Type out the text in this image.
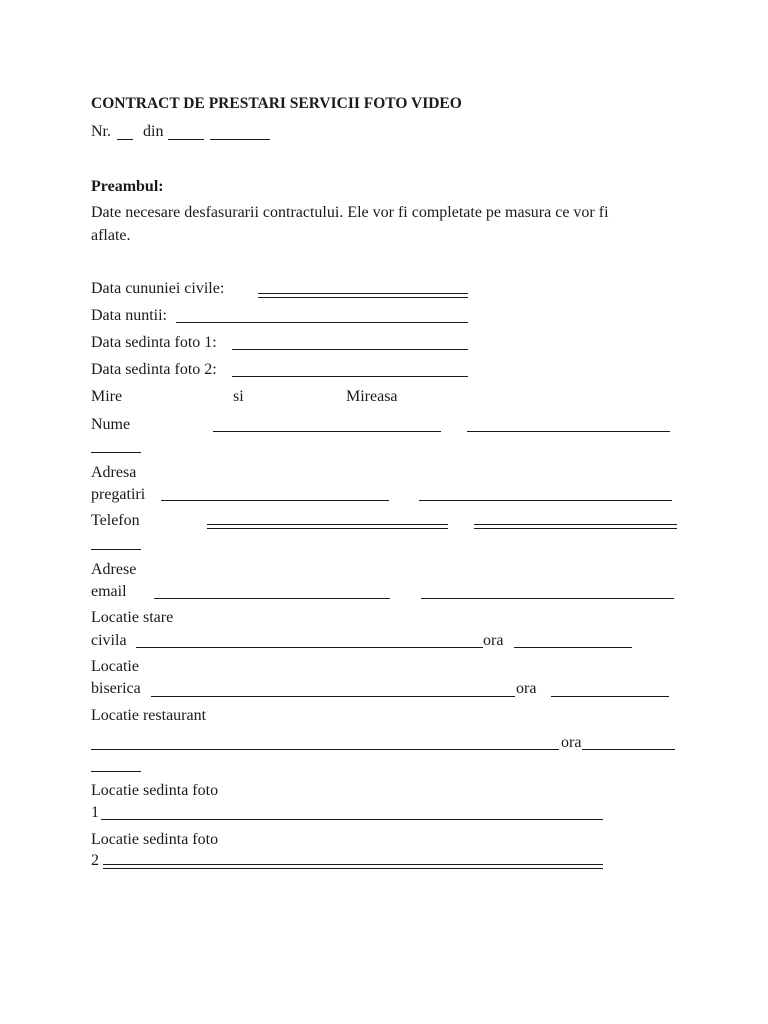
CONTRACT DE PRESTARI SERVICII FOTO VIDEO
Nr. din
Preambul:
Date necesare desfasurarii contractului. Ele vor fi completate pe masura ce vor fi
aflate.
Data cununiei civile:
Data nuntii:
Data sedinta foto 1:
Data sedinta foto 2:
Mire	si	Mireasa
Nume
Adresa
pregatiri
Telefon
Adrese
email
Locatie stare
civila	ora
Locatie
biserica	ora
Locatie restaurant
ora
Locatie sedinta foto
1
Locatie sedinta foto
2
